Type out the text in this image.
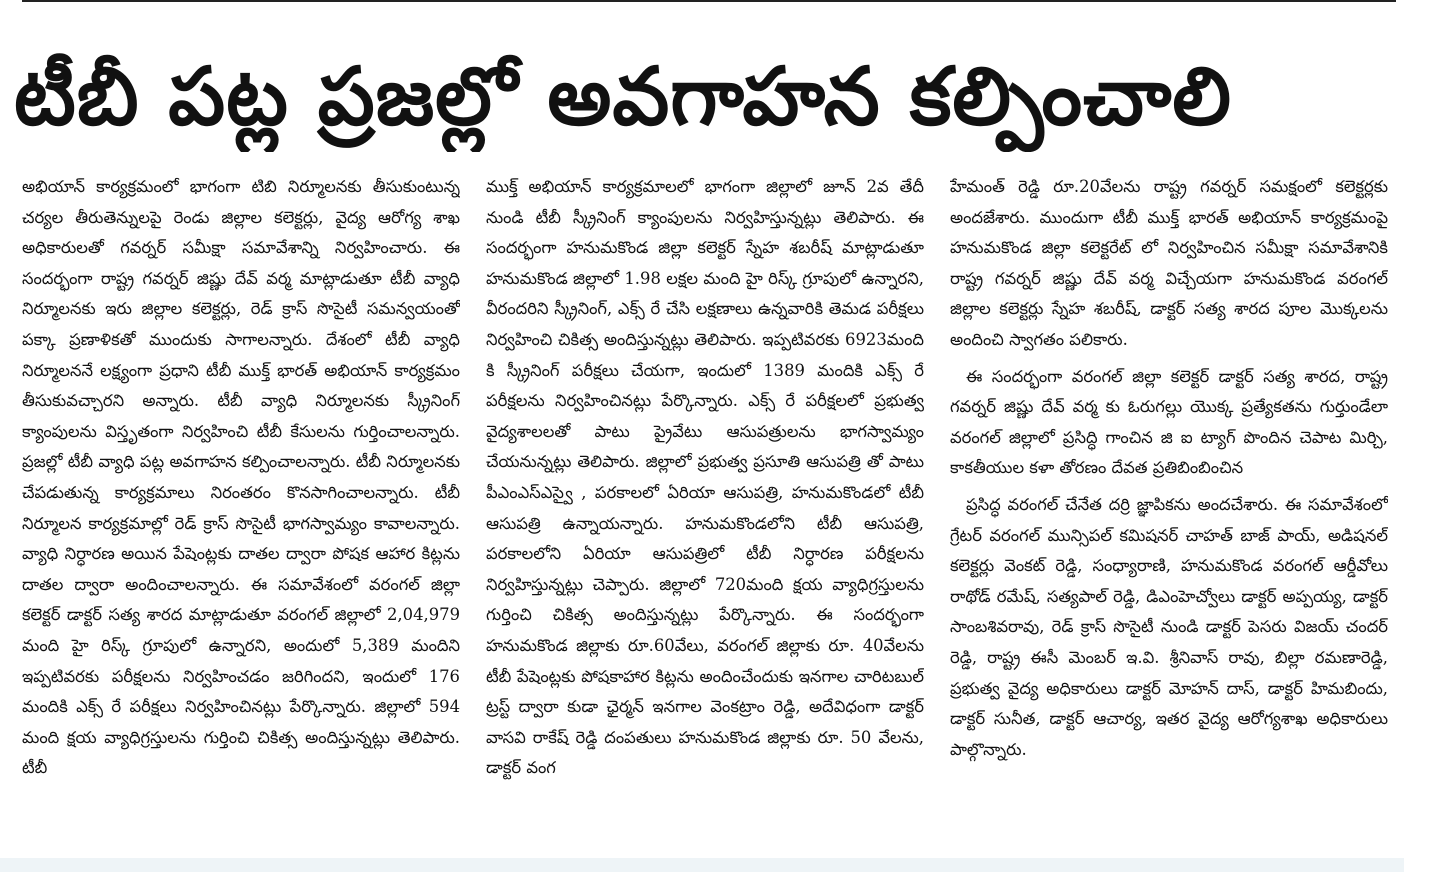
టీబీ పట్ల ప్రజల్లో అవగాహన కల్పించాలి

అభియాన్ కార్యక్రమంలో భాగంగా టిబి నిర్మూలనకు తీసుకుంటున్న చర్యల తీరుతెన్నులపై రెండు జిల్లాల కలెక్టర్లు, వైద్య ఆరోగ్య శాఖ అధికారులతో గవర్నర్ సమీక్షా సమావేశాన్ని నిర్వహించారు. ఈ సందర్భంగా రాష్ట్ర గవర్నర్ జిష్ణు దేవ్ వర్మ మాట్లాడుతూ టీబీ వ్యాధి నిర్మూలనకు ఇరు జిల్లాల కలెక్టర్లు, రెడ్ క్రాస్ సొసైటీ సమన్వయంతో పక్కా ప్రణాళికతో ముందుకు సాగాలన్నారు. దేశంలో టీబీ వ్యాధి నిర్మూలననే లక్ష్యంగా ప్రధాని టీబీ ముక్త్ భారత్ అభియాన్ కార్యక్రమం తీసుకువచ్చారని అన్నారు. టీబీ వ్యాధి నిర్మూలనకు స్క్రీనింగ్ క్యాంపులను విస్తృతంగా నిర్వహించి టీబీ కేసులను గుర్తించాలన్నారు. ప్రజల్లో టీబీ వ్యాధి పట్ల అవగాహన కల్పించాలన్నారు. టీబీ నిర్మూలనకు చేపడుతున్న కార్యక్రమాలు నిరంతరం కొనసాగించాలన్నారు. టీబీ నిర్మూలన కార్యక్రమాల్లో రెడ్ క్రాస్ సొసైటీ భాగస్వామ్యం కావాలన్నారు. వ్యాధి నిర్ధారణ అయిన పేషెంట్లకు దాతల ద్వారా పోషక ఆహార కిట్లను దాతల ద్వారా అందించాలన్నారు. ఈ సమావేశంలో వరంగల్ జిల్లా కలెక్టర్ డాక్టర్ సత్య శారద మాట్లాడుతూ వరంగల్ జిల్లాలో 2,04,979 మంది హై రిస్క్ గ్రూపులో ఉన్నారని, అందులో 5,389 మందిని ఇప్పటివరకు పరీక్షలను నిర్వహించడం జరిగిందని, ఇందులో 176 మందికి ఎక్స్ రే పరీక్షలు నిర్వహించినట్లు పేర్కొన్నారు. జిల్లాలో 594 మంది క్షయ వ్యాధిగ్రస్తులను గుర్తించి చికిత్స అందిస్తున్నట్లు తెలిపారు. టీబీ

ముక్త్ అభియాన్ కార్యక్రమాలలో భాగంగా జిల్లాలో జూన్ 2వ తేదీ నుండి టీబీ స్క్రీనింగ్ క్యాంపులను నిర్వహిస్తున్నట్లు తెలిపారు. ఈ సందర్భంగా హనుమకొండ జిల్లా కలెక్టర్ స్నేహ శబరీష్ మాట్లాడుతూ హనుమకొండ జిల్లాలో 1.98 లక్షల మంది హై రిస్క్ గ్రూపులో ఉన్నారని, వీరందరిని స్క్రీనింగ్, ఎక్స్ రే చేసి లక్షణాలు ఉన్నవారికి తెమడ పరీక్షలు నిర్వహించి చికిత్స అందిస్తున్నట్లు తెలిపారు. ఇప్పటివరకు 6923మంది కి స్క్రీనింగ్ పరీక్షలు చేయగా, ఇందులో 1389 మందికి ఎక్స్ రే పరీక్షలను నిర్వహించినట్లు పేర్కొన్నారు. ఎక్స్ రే పరీక్షలలో ప్రభుత్వ వైద్యశాలలతో పాటు ప్రైవేటు ఆసుపత్రులను భాగస్వామ్యం చేయనున్నట్లు తెలిపారు. జిల్లాలో ప్రభుత్వ ప్రసూతి ఆసుపత్రి తో పాటు పీఎంఎస్ఎస్వై , పరకాలలో ఏరియా ఆసుపత్రి, హనుమకొండలో టీబీ ఆసుపత్రి ఉన్నాయన్నారు. హనుమకొండలోని టీబీ ఆసుపత్రి, పరకాలలోని ఏరియా ఆసుపత్రిలో టీబీ నిర్ధారణ పరీక్షలను నిర్వహిస్తున్నట్లు చెప్పారు. జిల్లాలో 720మంది క్షయ వ్యాధిగ్రస్తులను గుర్తించి చికిత్స అందిస్తున్నట్లు పేర్కొన్నారు. ఈ సందర్భంగా హనుమకొండ జిల్లాకు రూ.60వేలు, వరంగల్ జిల్లాకు రూ. 40వేలను టీబీ పేషెంట్లకు పోషకాహార కిట్లను అందించేందుకు ఇనగాల చారిటబుల్ ట్రస్ట్ ద్వారా కుడా ఛైర్మన్ ఇనగాల వెంకట్రాం రెడ్డి, అదేవిధంగా డాక్టర్ వాసవి రాకేష్ రెడ్డి దంపతులు హనుమకొండ జిల్లాకు రూ. 50 వేలను, డాక్టర్ వంగ

హేమంత్ రెడ్డి రూ.20వేలను రాష్ట్ర గవర్నర్ సమక్షంలో కలెక్టర్లకు అందజేశారు. ముందుగా టీబీ ముక్త్ భారత్ అభియాన్ కార్యక్రమంపై హనుమకొండ జిల్లా కలెక్టరేట్ లో నిర్వహించిన సమీక్షా సమావేశానికి రాష్ట్ర గవర్నర్ జిష్ణు దేవ్ వర్మ విచ్చేయగా హనుమకొండ వరంగల్ జిల్లాల కలెక్టర్లు స్నేహ శబరీష్, డాక్టర్ సత్య శారద పూల మొక్కలను అందించి స్వాగతం పలికారు.

ఈ సందర్భంగా వరంగల్ జిల్లా కలెక్టర్ డాక్టర్ సత్య శారద, రాష్ట్ర గవర్నర్ జిష్ణు దేవ్ వర్మ కు ఓరుగల్లు యొక్క ప్రత్యేకతను గుర్తుండేలా వరంగల్ జిల్లాలో ప్రసిద్ధి గాంచిన జి ఐ ట్యాగ్ పొందిన చెపాట మిర్చి, కాకతీయుల కళా తోరణం దేవత ప్రతిబింబించిన

ప్రసిద్ధ వరంగల్ చేనేత దర్రి జ్ఞాపికను అందచేశారు. ఈ సమావేశంలో గ్రేటర్ వరంగల్ మున్సిపల్ కమిషనర్ చాహత్ బాజ్ పాయ్, అడిషనల్ కలెక్టర్లు వెంకట్ రెడ్డి, సంధ్యారాణి, హనుమకొండ వరంగల్ ఆర్డీవోలు రాథోడ్ రమేష్, సత్యపాల్ రెడ్డి, డిఎంహెచ్వోలు డాక్టర్ అప్పయ్య, డాక్టర్ సాంబశివరావు, రెడ్ క్రాస్ సొసైటీ నుండి డాక్టర్ పెసరు విజయ్ చందర్ రెడ్డి, రాష్ట్ర ఈసీ మెంబర్ ఇ.వి. శ్రీనివాస్ రావు, బిల్లా రమణారెడ్డి, ప్రభుత్వ వైద్య అధికారులు డాక్టర్ మోహన్ దాస్, డాక్టర్ హిమబిందు, డాక్టర్ సునీత, డాక్టర్ ఆచార్య, ఇతర వైద్య ఆరోగ్యశాఖ అధికారులు పాల్గొన్నారు.
